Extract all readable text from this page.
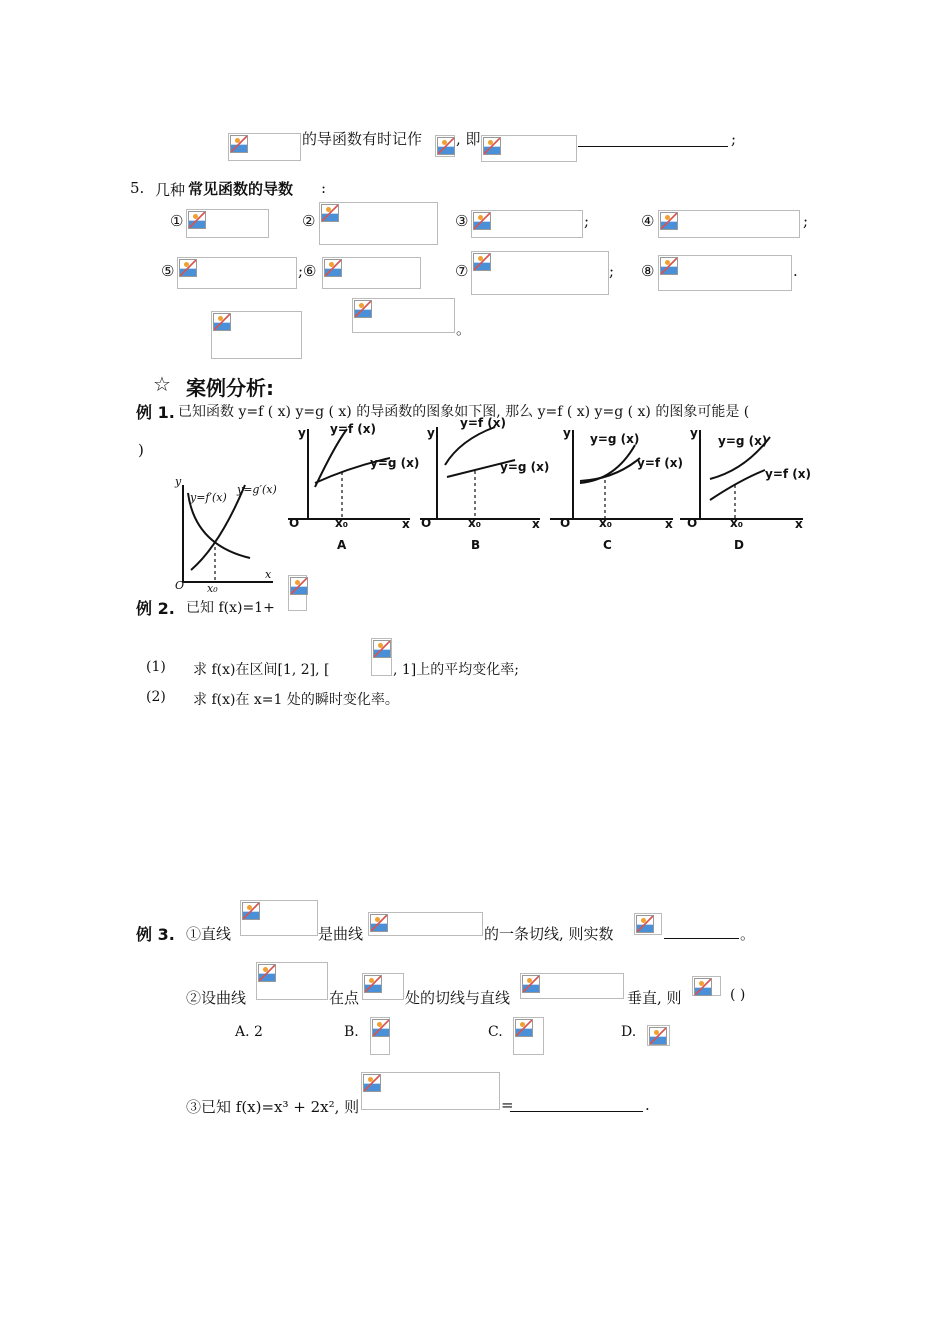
的导函数有时记作 , 即	;
5. 几种 常见函数的导数 :
①	②	③	;	④	;
⑤	;⑥	⑦	; ⑧	.
。
☆ 案例分析:
例 1. 已知函数 y=f ( x) y=g ( x) 的导函数的图象如下图, 那么 y=f ( x) y=g ( x) 的图象可能是 (
)
y
x
O x₀
y=f′(x)
y=g′(x)
y y=f (x)
y=g (x)
O	x₀	x
A
y
y=f (x)
y=g (x)
O	x₀	x
B
y y=g (x)
y=f (x)
O x₀	x
C
y
y=g (x)
y=f (x)
O	x₀	x
D
例 2. 已知 f(x)=1+
(1) 求 f(x)在区间[1, 2], [	, 1]上的平均变化率;
(2) 求 f(x)在 x=1 处的瞬时变化率。
例 3. ①直线	是曲线	的一条切线, 则实数	。
②设曲线	在点	处的切线与直线	垂直, 则	( )
A. 2	B.	C.	D.
③已知 f(x)=x³ + 2x², 则	=	.
